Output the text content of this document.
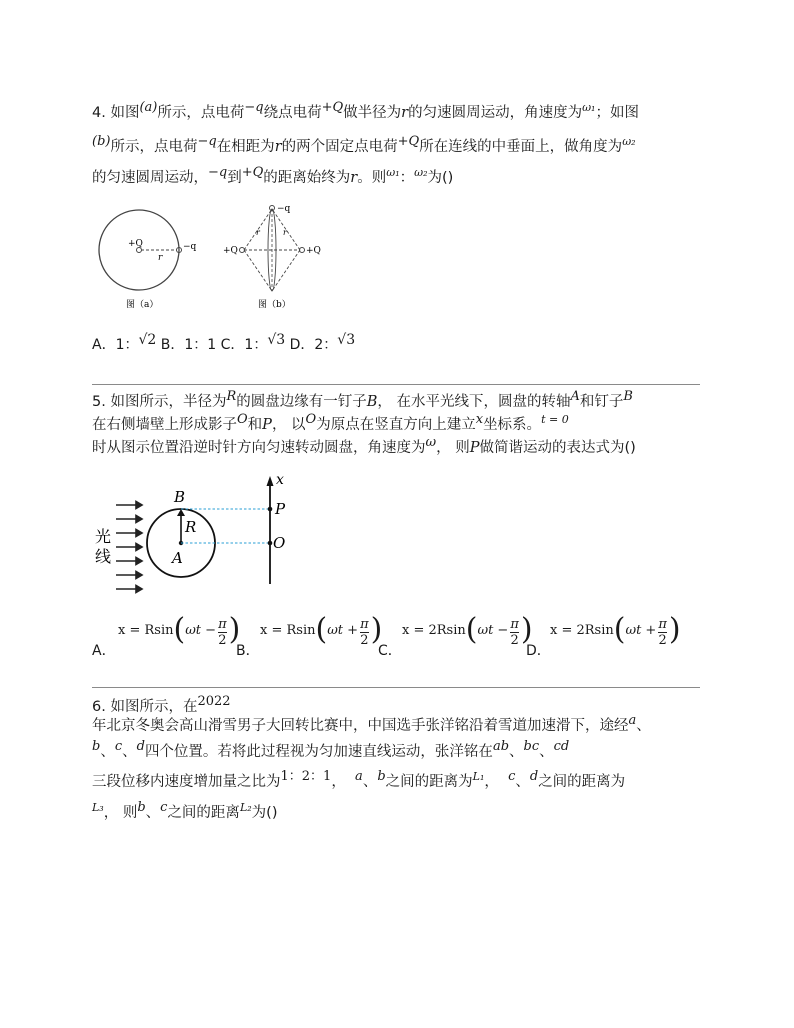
4. 如图(a)所示，点电荷−q绕点电荷+Q做半径为r的匀速圆周运动，角速度为$^{\omega_1}$；如图
(b)所示，点电荷−q在相距为r的两个固定点电荷+Q所在连线的中垂面上，做角度为$^{\omega_2}$
的匀速圆周运动，−q到+Q的距离始终为r。则$^{\omega_1}$：$^{\omega_2}$为()
+Q	−q
r
图（a）
+Q	+Q
−q
r	r
图（b）
A．1：√2 B．1：1 C．1：√3 D．2：√3
5. 如图所示，半径为R的圆盘边缘有一钉子B， 在水平光线下，圆盘的转轴A和钉子B
在右侧墙壁上形成影子O和P， 以O为原点在竖直方向上建立x坐标系。$^{t = 0}$
时从图示位置沿逆时针方向匀速转动圆盘，角速度为ω， 则P做简谐运动的表达式为()
光
线
B
R
A
x
P
O
A．
$x = Rsin(\omega t - \frac{\pi}{2}$ )
B．
$x = Rsin(\omega t + \frac{\pi}{2}$ )
C．
$x = 2Rsin(\omega t - \frac{\pi}{2}$ )
D．
$x = 2Rsin(\omega t + \frac{\pi}{2}$ )
6. 如图所示，在2022
年北京冬奥会高山滑雪男子大回转比赛中，中国选手张洋铭沿着雪道加速滑下，途经a、
b、c、d四个位置。若将此过程视为匀加速直线运动，张洋铭在ab、bc、cd
三段位移内速度增加量之比为1：2：1， a、b之间的距离为$^{L_1}$， c、d之间的距离为
$^{L_3}$， 则b、c之间的距离$^{L_2}$为()
